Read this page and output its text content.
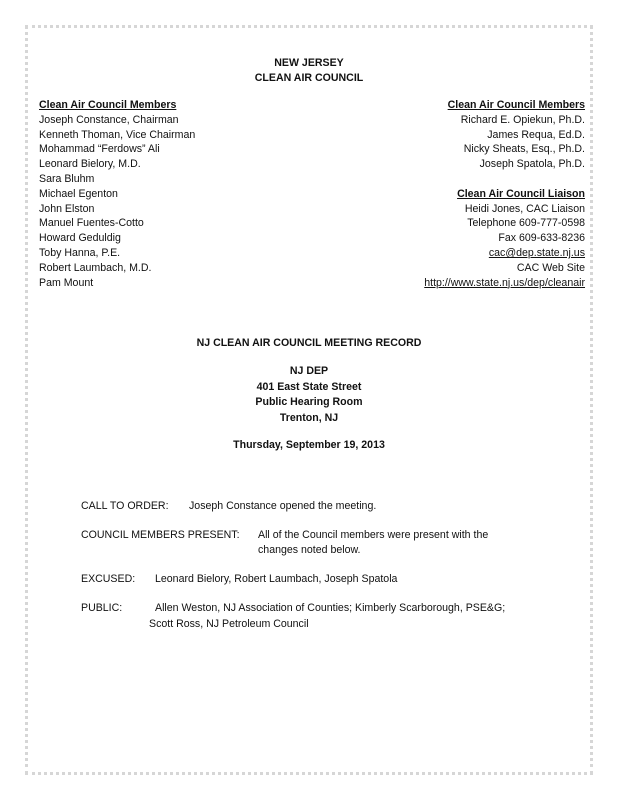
NEW JERSEY
CLEAN AIR COUNCIL
Clean Air Council Members
Joseph Constance, Chairman
Kenneth Thoman, Vice Chairman
Mohammad “Ferdows” Ali
Leonard Bielory, M.D.
Sara Bluhm
Michael Egenton
John Elston
Manuel Fuentes-Cotto
Howard Geduldig
Toby Hanna, P.E.
Robert Laumbach, M.D.
Pam Mount
Clean Air Council Members
Richard E. Opiekun, Ph.D.
James Requa, Ed.D.
Nicky Sheats, Esq., Ph.D.
Joseph Spatola, Ph.D.
Clean Air Council Liaison
Heidi Jones, CAC Liaison
Telephone 609-777-0598
Fax 609-633-8236
cac@dep.state.nj.us
CAC Web Site
http://www.state.nj.us/dep/cleanair
NJ CLEAN AIR COUNCIL MEETING RECORD
NJ DEP
401 East State Street
Public Hearing Room
Trenton, NJ
Thursday, September 19, 2013
CALL TO ORDER: Joseph Constance opened the meeting.
COUNCIL MEMBERS PRESENT: All of the Council members were present with the
changes noted below.
EXCUSED: Leonard Bielory, Robert Laumbach, Joseph Spatola
PUBLIC:	Allen Weston, NJ Association of Counties; Kimberly Scarborough, PSE&G;
Scott Ross, NJ Petroleum Council
